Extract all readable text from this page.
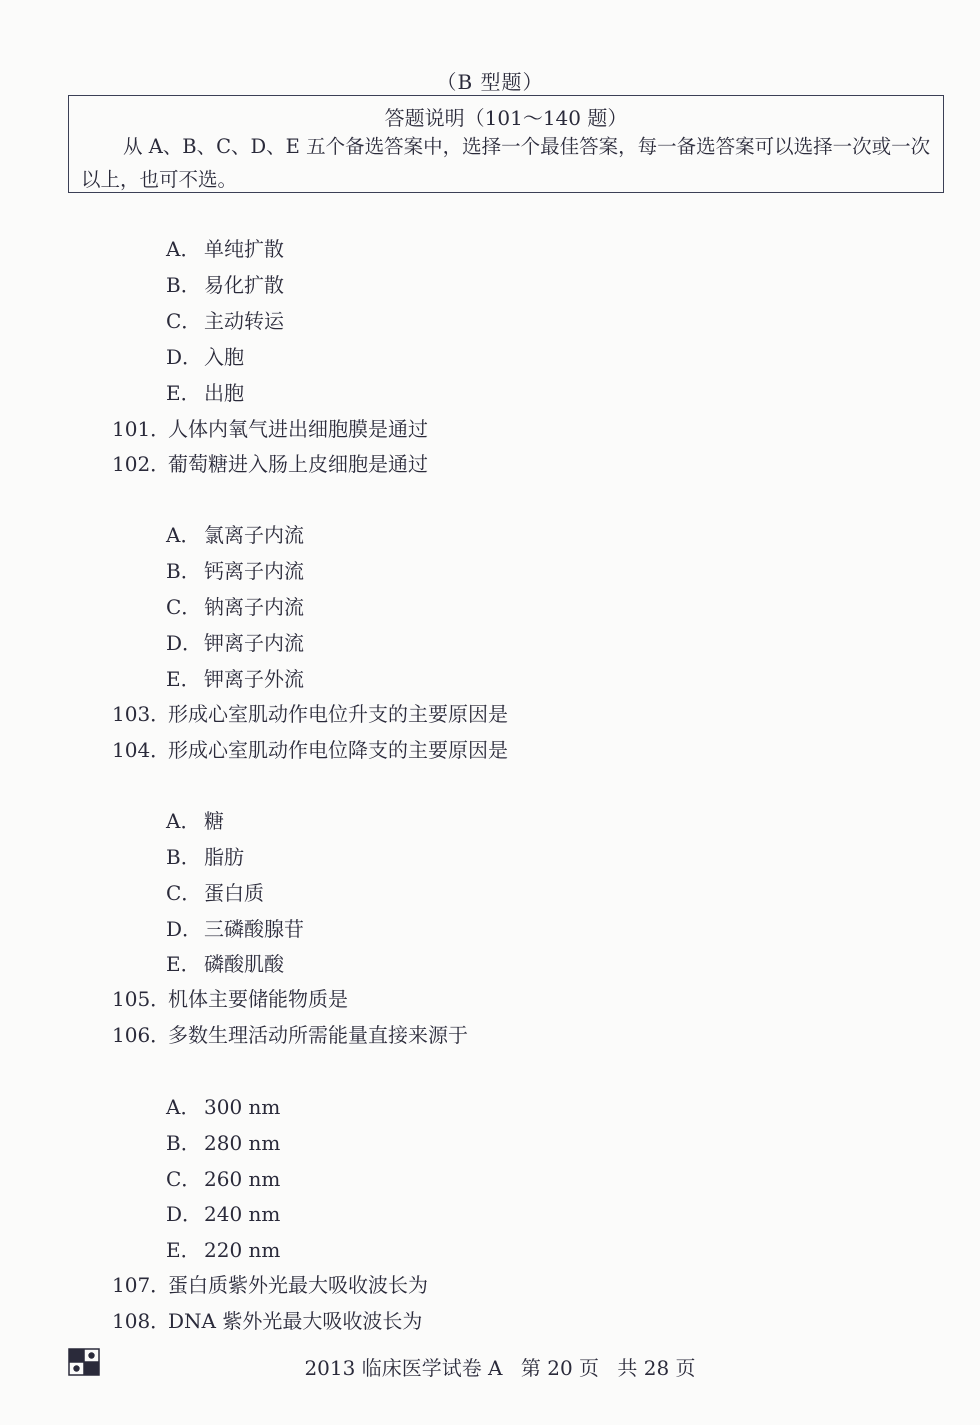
（B 型题）
答题说明（101～140 题）
从 A、B、C、D、E 五个备选答案中，选择一个最佳答案，每一备选答案可以选择一次或一次以上，也可不选。
A． 单纯扩散
B． 易化扩散
C． 主动转运
D．入胞
E． 出胞
101．人体内氧气进出细胞膜是通过
102．葡萄糖进入肠上皮细胞是通过
A． 氯离子内流
B． 钙离子内流
C． 钠离子内流
D．钾离子内流
E． 钾离子外流
103．形成心室肌动作电位升支的主要原因是
104．形成心室肌动作电位降支的主要原因是
A． 糖
B． 脂肪
C． 蛋白质
D．三磷酸腺苷
E． 磷酸肌酸
105．机体主要储能物质是
106．多数生理活动所需能量直接来源于
A． 300 nm
B． 280 nm
C． 260 nm
D．240 nm
E． 220 nm
107．蛋白质紫外光最大吸收波长为
108．DNA 紫外光最大吸收波长为
2013 临床医学试卷 A 第 20 页 共 28 页
